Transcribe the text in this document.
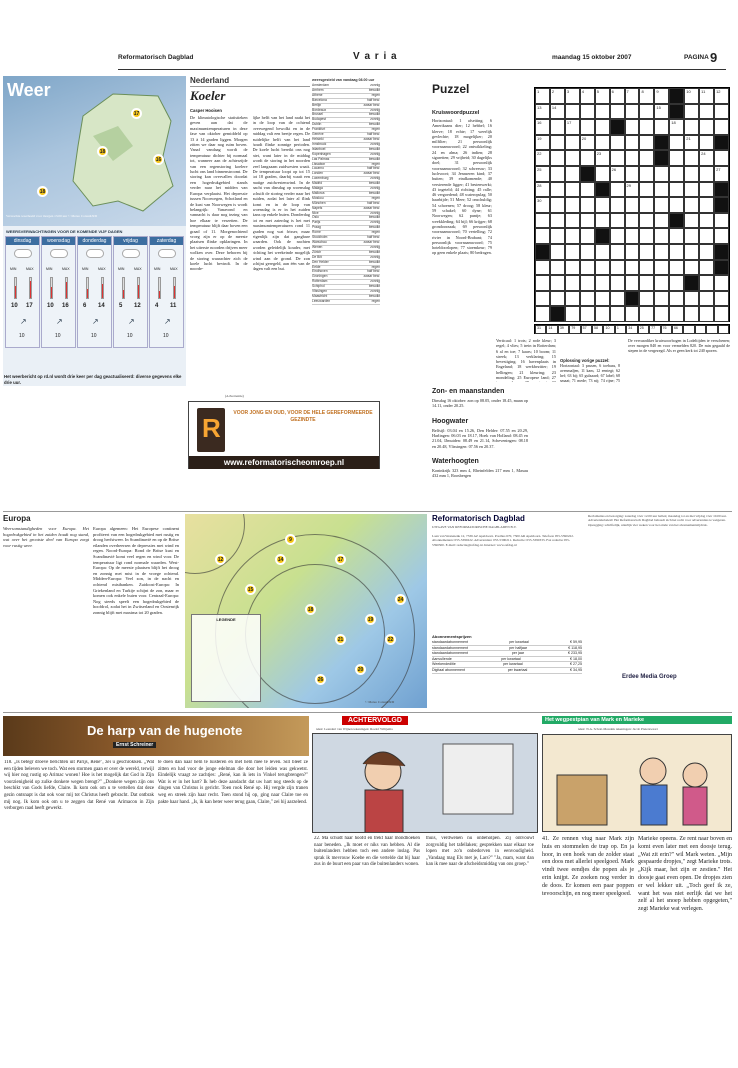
Reformatorisch Dagblad	V a r i a	maandag 15 oktober 2007	PAGINA 9
Weer
17
18
16
18
Verwachte weerbeeld voor morgen 13.00 uur © Meteo Consult/RD
WEERSVERWACHTINGEN VOOR DE KOMENDE VIJF DAGEN
dinsdag
MIN	MAX
10 17
↗
10
woensdag
MIN	MAX
10 16
↗
10
donderdag
MIN	MAX
6 14
↗
10
vrijdag
MIN	MAX
5 12
↗
10
zaterdag
MIN	MAX
4 11
↗
10
Het weerbericht op rd.nl wordt drie keer per dag geactualiseerd: diverse gegevens elke drie uur.
Nederland
Koeler
Casper Hooisen
De klimatologische statistieken geven aan dat de maximumtemperaturen in deze fase van oktober gemiddeld op 13 à 14 graden liggen. Morgen zitten we daar nog ruim boven. Vanaf vandaag wordt de temperatuur dichter bij normaal tot, wanneer aan de achterzijde van een regenstoring koelere lucht ons land binnenstroomt. De storing kan overvallen doordat een hogedrukgebied stands verder naar het midden van Europa verplaatst. Het depressie tussen Noorwegen, Schotland en de kust van Noorwegen is wordt belangrijk: Vanavond en vannacht is daar nog tezing van hoe elkaar te verzetten. De temperatuur blijft daar boven een graad of 11. Morgenochtend vroeg zijn er op de meeste plaatsen flinke opklaringen. In het uiterste noorden drijven meer wolken over. Deze behoren bij de storing waarachter zich de koele lucht bevindt. In de noorde-
lijke helft van het land raakt het in de loop van de ochtend overwegend bewolkt en in de middag valt een beetje regen. De zuidelijke helft van het land houdt flinke zonnige perioden. De koele lucht bereikt ons nog niet, want later in de middag wordt de storing in het noorden veel langzaam zuidwesten waait. De temperatuur loopt op tot 15 tot 18 graden, daarbij waait een matige zuidwestenwind. In de nacht van dinsdag op woensdag schuift de storing verder naar het zuiden, zodat het later al flink komt en in de loop van woensdag is er in het zuiden kans op enkele buien. Donderdag tot en met zaterdag is het met maximumtemperaturen rond 11 graden nog wat frisser, maar eigenlijk zijn dat gangbare waarden. Ook de nachten worden geleidelijk kouder, met richting het weekeinde mogelijk wind aan de grond. De zon schijnt geregeld, aan één van de dagen valt een bui.
weersgesteld van vandaag 08.00 uur
Amsterdam	zonnig
Arnhem	bewolkt
Athene	regen
Barcelona	half bew.
Berlijn	zwaar bew.
Bordeaux	zonnig
Brussel	bewolkt
Budapest	zonnig
Dublin	bewolkt
Frankfurt	regen
Genève	half bew.
Helsinki	zwaar bew.
Innsbruck	zonnig
Istanboel	bewolkt
Kopenhagen	zonnig
Las Palmas	bewolkt
Lissabon	regen
Locarno	half bew.
Londen	zwaar bew.
Luxemburg	zonnig
Madrid	bewolkt
Malaga	zonnig
Mallorca	bewolkt
Moskou	regen
München	half bew.
Napels	zwaar bew.
Nice	zonnig
Oslo	bewolkt
Parijs	zonnig
Praag	bewolkt
Rome	regen
Stockholm	half bew.
Warschau	zwaar bew.
Wenen	zonnig
Zürich	bewolkt
De Bilt	zonnig
Den Helder	bewolkt
Eelde	regen
Eindhoven	half bew.
Groningen	zwaar bew.
Rotterdam	zonnig
Schiphol	bewolkt
Vlissingen	zonnig
Maastricht	bewolkt
Leeuwarden	regen
(Advertentie)
R	VOOR JONG EN OUD, VOOR DE HELE GEREFORMEERDE GEZINDTE
www.reformatorischeomroep.nl
Puzzel
Kruiswoordpuzzel
Horizontaal: 1 afsetting; 6 Amerikaans dier; 12 hebbel; 16 klerve; 18 echte; 17 weerlijk gevlechte; 18 mogelijker; 20 milfilter; 21 persoonlijk voornaamwoord; 22 ontwikkeling; 24 en alma; 26 indien; 28 sigaretten; 29 vrijheid; 30 dagelijks doel; 31 persoonlijk voornaamwoord; 32 schreeuw; 33 luchvoort; 34 Jenaseren kind; 37 buiten; 39 eindkomende; 40 versierende ligger; 41 bestenwerkt; 43 ingeteld; 44 richting; 45 ralle; 46 vergoedend; 48 wateropslag; 50 haarbijde; 51 Meer; 52 onschuldig; 54 schoenen; 57 droog; 58 kleur; 59 schakel; 60 dyne; 61 Noorwegen; 62 puntje; 63 weekkleding; 64 bijl; 66 krijger; 68 grondoorzaak; 69 persoonlijk voornaamwoord; 70 vertelling; 72 rivier in Noord-Brabant; 74 persoonlijk voornaamwoord; 75 hoteldoorlopen; 77 stoemkeur; 79 op geen enkele plaats; 80 bedragen.
1	2	3	4	5	6	7	8	9	10	11	12
13	14	15
16	17	18
19	20	21
22	23	24
25	26	27
28	29
30
31	14	39	79	57	58	10	1	34	25	77	76	66
Verticaal: 1 trots; 2 rode kleur; 3 regel; 4 vlies; 5 trein in Rotterdam; 6 al en toe; 7 kaars; 10 boom; 11 streek; 13 verklaring; 15 bevestiging; 16 havenplaats in Engeland; 18 werkbezitter; 19 hellingen; 21 kleuring; 23 mondeling; 25 Europese land; 27
Oplossing vorige puzzel:
Horizontaal: 3 passen, 6 toebaas, 8 avenmaljen, 11 kam, 12 eentegt; 62 hef; 63 bij; 65 gulzaard; 67 label; 68 smaat; 71 mede; 73 nij; 74 rijne; 75
De vervaardiker kruiswoorbogen in Lodeltijden te verschenen; over morgen 840 en voor vermelden 820. De min gegaald de stepen in de vergezegd. Als er geen kerk tot 240 sporen.
Zon- en maanstanden
Dinsdag 16 oktober: zon op 08.05, onder 18.45, maan op 14.11, onder 20.25.
Hoogwater
Belfsijl: 03.04 en 15.26, Den Helder: 07.55 en 20.29, Harlingen: 06.03 en 18.17, Hoek van Holland: 08.45 en 21.04, IJmuiden: 08.49 en 21.14, Scheveningen: 08.18 en 20.48, Vlissingen: 07.56 en 20.37.
Waterhoogten
Koninkrijk 323 mm 4, Rheinfelden 217 mm 1, Maxau 432 mm 1, Roosbergen
Europa
Weersomstandigheden voor Europa. Het hogedrukgebied in het zuiden houdt nog stand, wat over het grootste deel van Europa zorgt voor rustig weer.
Europa algemeen: Het Europese continent profiteert van een hogedrukgebied met rustig en droog herfstweer. In Scandinavië en op de Britse eilanden overheersen de depressies met wind en regen. Noord-Europa: Rond de Britse kust en Scandinavië komt veel regen en wind voor. De temperatuur ligt rond normale waarden. West-Europa: Op de meeste plaatsen blijft het droog en zonnig met mist in de vroege ochtend. Midden-Europa: Veel zon, in de nacht en ochtend mistbanken. Zuidoost-Europa: In Griekenland en Turkije schijnt de zon, maar er komen ook enkele buien voor. Centraal-Europa: Nog steeds speelt een hogedrukgebied de hoofdrol, zodat het in Zwitserland en Oostenrijk zonnig blijft met maxima tot 20 graden.
LEGENDE
17
22
18
14
20
24
26
15
12
19
21
9
© Meteo Consult/RD
Reformatorisch Dagblad
UITGAVE VAN REFORMATORISCHE DAGBLADEN B.V.
Laan van Westenenk 12, 7336 AZ Apeldoorn. Postbus 670, 7300 AR Apeldoorn. Telefoon 055-5390222. Abonnementen: 055-5390222. Advertenties: 055-5390211. Redactie: 055-5390333. Fax redactie 055-5390300. E-mail: redactie@refdag.nl. Internet: www.refdag.nl
Abonnementsprijzen
standaardabonnement	per kwartaal	€ 59,95
standaardabonnement	per halfjaar	€ 118,95
standaardabonnement	per jaar	€ 233,95
Aanvullende	per kwartaal	€ 18,00
Weekendeditie	per kwartaal	€ 27,25
Digitaal abonnement	per kwartaal	€ 34,95
Reclamaties en bezorging: zaterdag vóór 12.00 uur bellen; maandag tot en met vrijdag vóór 10.00 uur. Advertentiebeleid: Het Reformatorisch Dagblad behoudt zich het recht voor advertenties te weigeren. Opzegging: schriftelijk, uiterlijk vier weken voor het einde van het abonnementstijdvak.
Erdee Media Groep
De harp van de hugenote
Ernst Schreiner
118. „Is betegr droeve berichten uit Parijs, Rene", zei u geschrokken. „Wat een tijden beleven we toch. Wat een stormen gaan er over de wereld, terwijl wij hier nog rustig op Arimac wonen! Hoe is het mogelijk dat God in Zijn voorzienigheid op zulke donkere wegen brengt?" „Donkere wegen zijn ons beschikt van Gods liefde, Claire. Ik kom ook om u te vertellen dat deze gezin ontsnapt is dat ook voor mij tot Christus heeft gebracht. Dat ontbrak mij nog. Ik kom ook om u te zeggen dat René van Arimacon in Zijn verborgen raad heeft gewerkt.
te doen dan naar hem te luisteren en met hem mee te leven. Sill bleef ze zitten en had voor de jonge edelman die door het leiden was gekwetst. Eindelijk vraagt ze zachtjes: „René, kan ik iets in Vinkel terugbrengen?" Wat is er in het hart? Ik heb deze aandacht dat uw hart nog steeds op de dingen van Christus is gericht. Toen rook René op. Hij vergde zijn tranen weg en streek zijn haar recht. Toen stond hij op, ging naar Claire toe en pakte haar hand. „Is, ik kan beter weer terug gaan, Claire," zei hij aarzelend.
ACHTERVOLGD
tekst: Leendert van Wijnen tekeningen: Roelof Wiltjema
22. Ma schudt haar hoofd en trekt haar mondhoeken naar beneden. „Ik moet er niks van hebben. Al die buitenlanders hebben toch een andere inslag. Pas sprak ik mevrouw Koebe en die vertelde dat bij haar zus in de buurt een paar van die buitenlanders wonen.
thuis, verdwenen nu onbeholpen. Zij ontvouwt zorgvuldig het tafellaken; gesprekken naar elkaar toe lopen met zo'n onbedorven in eenvoudigheid. „Vandaag mag Els met je, Lars?" "Ja, mam, want dan kan ik mee naar de afscheidsmiddag van ons groep."
Het wegpestpian van Mark en Marieke
tekst: N.A. Schott-Messink tekeningen: Jacob Pieterswaart
41. Ze rennen vlug naar Mark zijn huis en stommelen de trap op. En ja hoor, in een hoek van de zolder staat een doos met allerlei speelgoed. Mark vindt twee eendjes die popen als je erin knijpt. Ze zoeken nog verder in de doos. Er komen een paar poppen tevoorschijn, en nog meer speelgoed.
Marieke opeens. Ze rent naar boven en komt even later met een doosje terug. „Wat zit erin?" wil Mark weten. „Mijn gespaarde dropjes," zegt Marieke trots. „Kijk maar, het zijn er zestien." Het doosje gaat even open. De dropjes zien er wel lekker uit. „Toch geef ik ze, want het was niet eerlijk dat we het zelf al het snoep hebben opgegeten," zegt Marieke wat verlegen.
